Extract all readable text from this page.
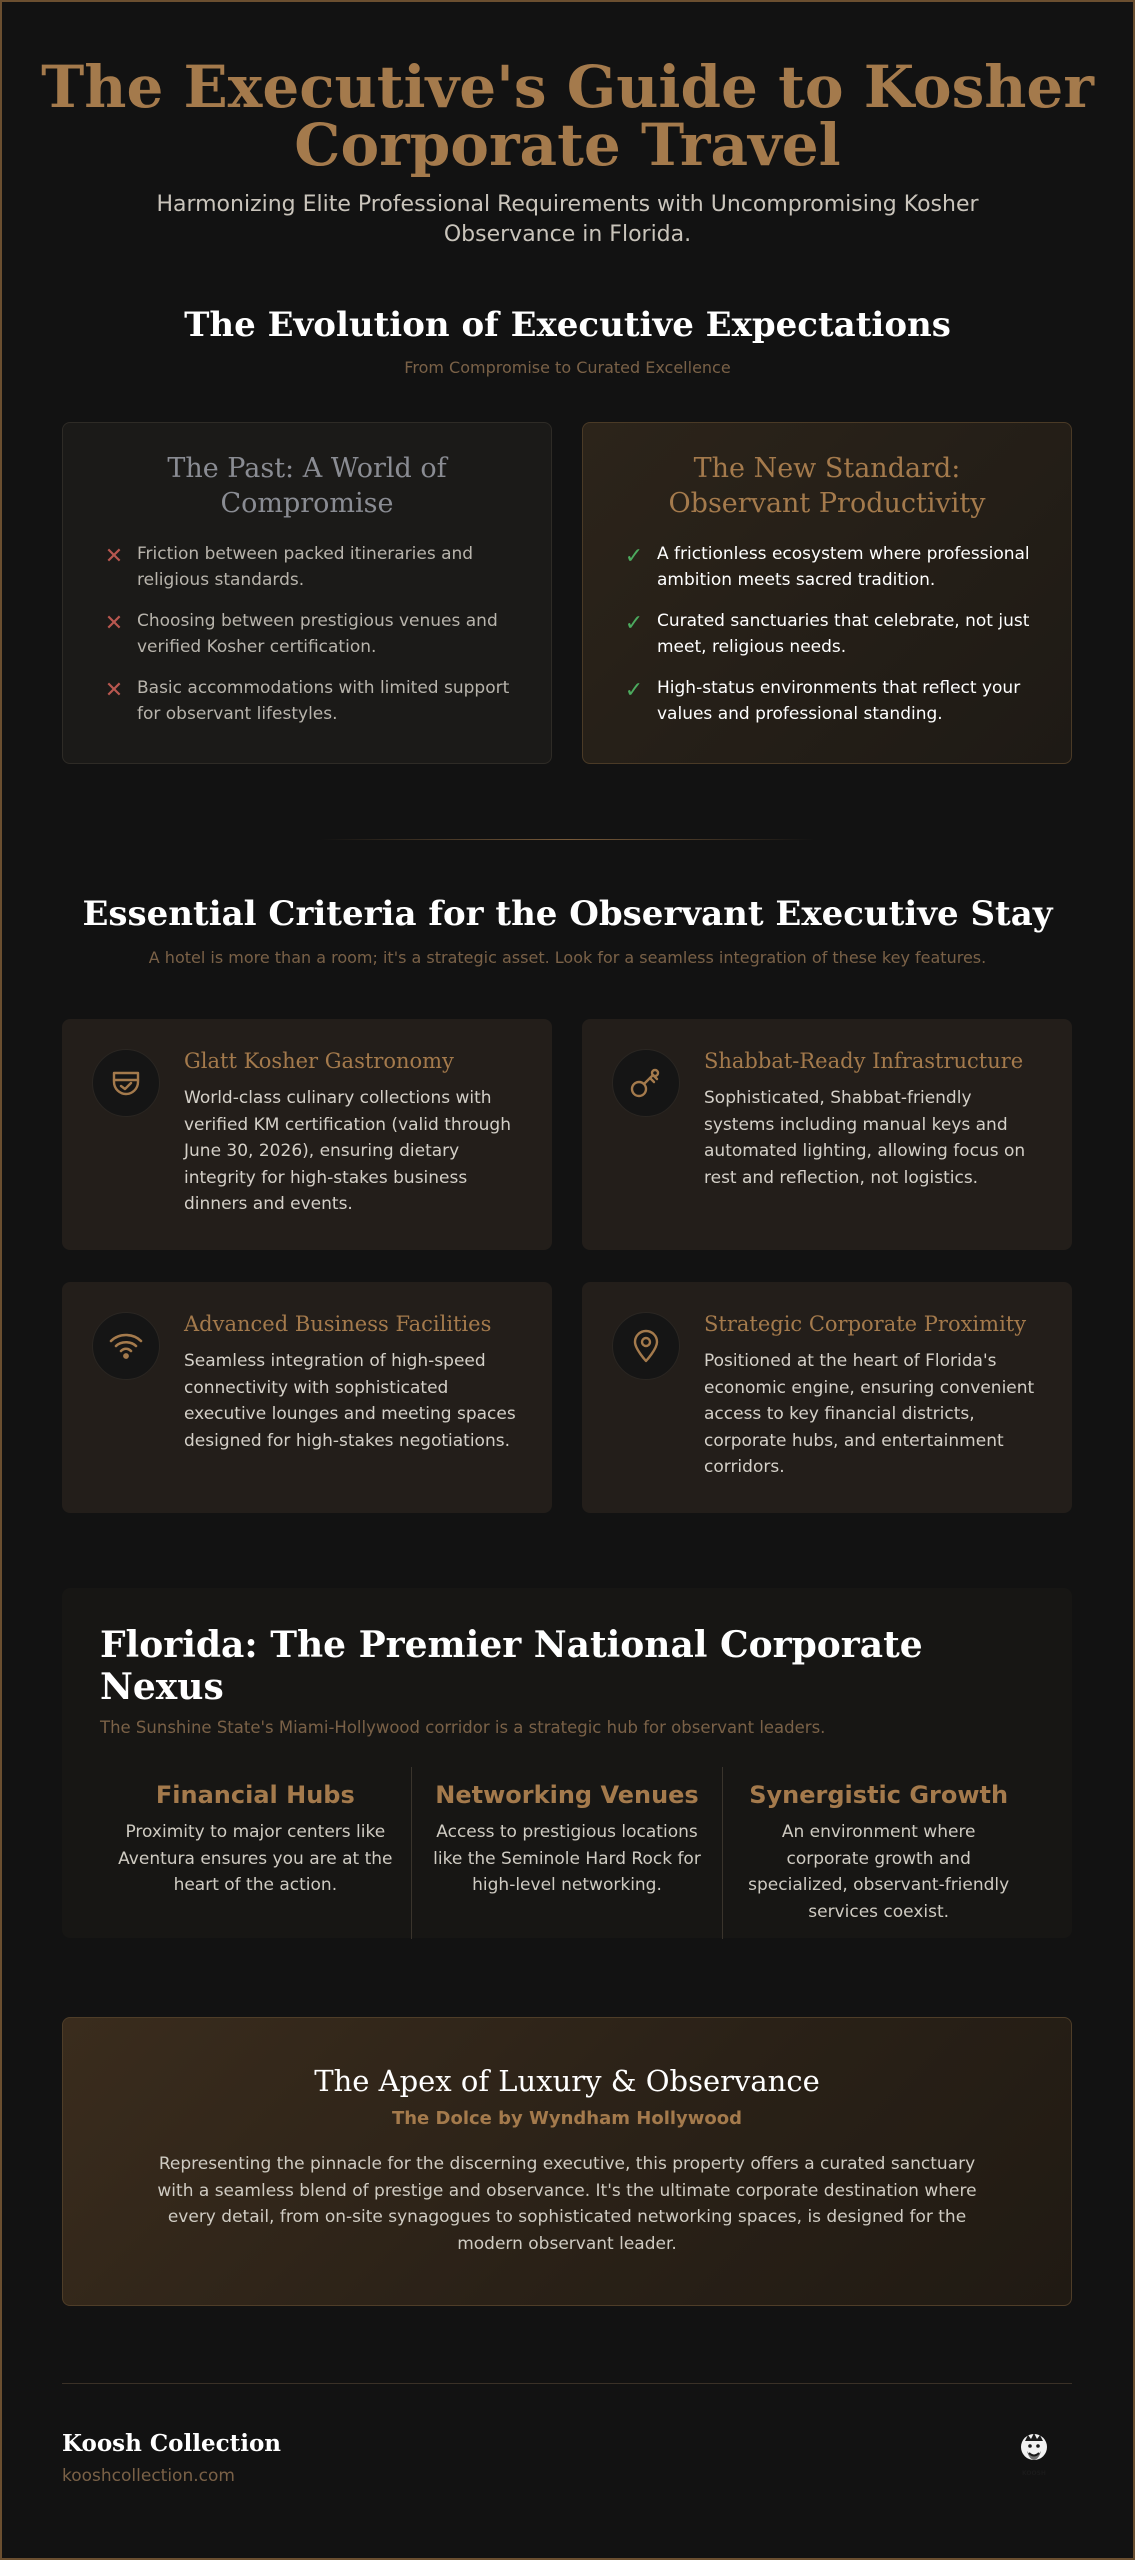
The Executive's Guide to Kosher Corporate Travel

Harmonizing Elite Professional Requirements with Uncompromising Kosher Observance in Florida.

The Evolution of Executive Expectations

From Compromise to Curated Excellence

The Past: A World of Compromise
✕ Friction between packed itineraries and religious standards.
✕ Choosing between prestigious venues and verified Kosher certification.
✕ Basic accommodations with limited support for observant lifestyles.
The New Standard: Observant Productivity
✓ A frictionless ecosystem where professional ambition meets sacred tradition.
✓ Curated sanctuaries that celebrate, not just meet, religious needs.
✓ High-status environments that reflect your values and professional standing.
Essential Criteria for the Observant Executive Stay

A hotel is more than a room; it's a strategic asset. Look for a seamless integration of these key features.

Glatt Kosher Gastronomy
World-class culinary collections with verified KM certification (valid through June 30, 2026), ensuring dietary integrity for high-stakes business dinners and events.
Shabbat-Ready Infrastructure
Sophisticated, Shabbat-friendly systems including manual keys and automated lighting, allowing focus on rest and reflection, not logistics.
Advanced Business Facilities
Seamless integration of high-speed connectivity with sophisticated executive lounges and meeting spaces designed for high-stakes negotiations.
Strategic Corporate Proximity
Positioned at the heart of Florida's economic engine, ensuring convenient access to key financial districts, corporate hubs, and entertainment corridors.
Florida: The Premier National Corporate Nexus
The Sunshine State's Miami-Hollywood corridor is a strategic hub for observant leaders.
Financial Hubs
Proximity to major centers like Aventura ensures you are at the heart of the action.
Networking Venues
Access to prestigious locations like the Seminole Hard Rock for high-level networking.
Synergistic Growth
An environment where corporate growth and specialized, observant-friendly services coexist.
The Apex of Luxury & Observance
The Dolce by Wyndham Hollywood
Representing the pinnacle for the discerning executive, this property offers a curated sanctuary with a seamless blend of prestige and observance. It's the ultimate corporate destination where every detail, from on-site synagogues to sophisticated networking spaces, is designed for the modern observant leader.
Koosh Collection
kooshcollection.com	KOOSH
